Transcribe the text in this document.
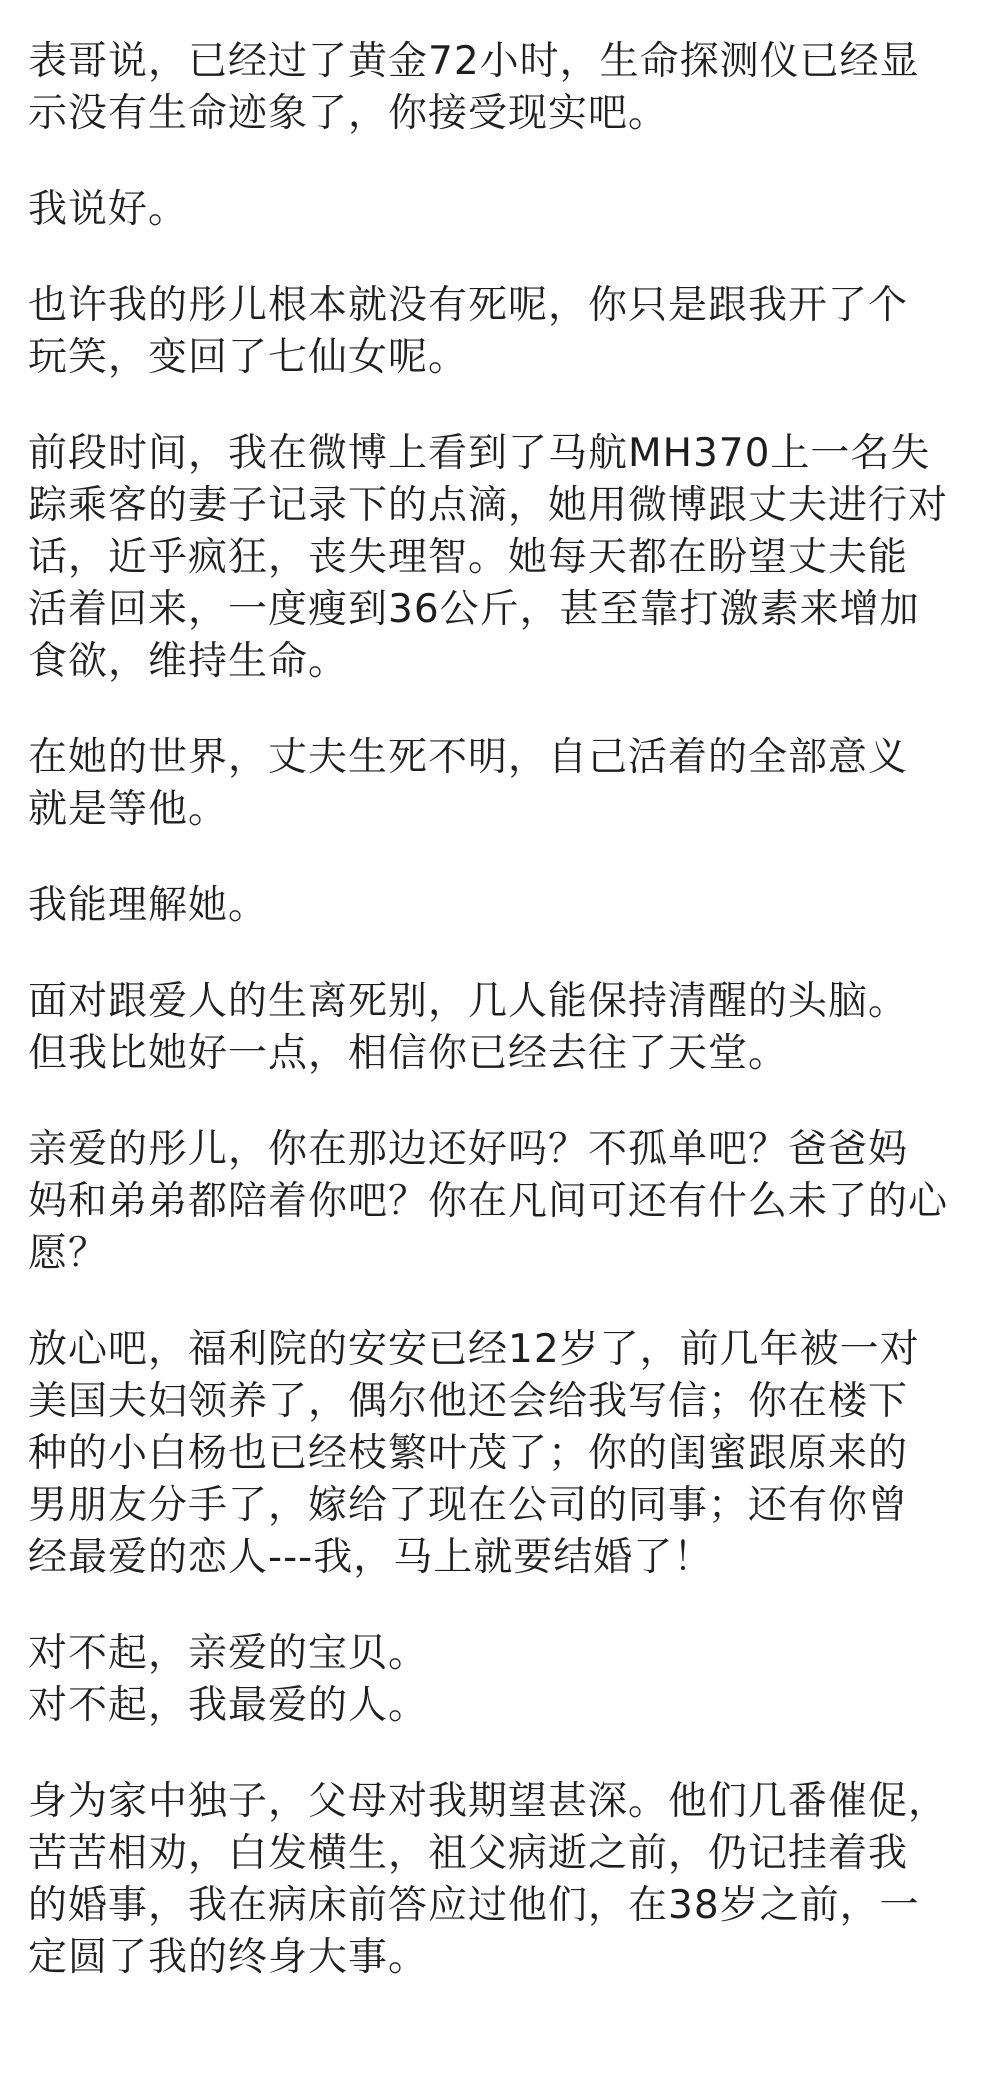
表哥说，已经过了黄金72小时，生命探测仪已经显
示没有生命迹象了，你接受现实吧。

我说好。

也许我的彤儿根本就没有死呢，你只是跟我开了个
玩笑，变回了七仙女呢。

前段时间，我在微博上看到了马航MH370上一名失
踪乘客的妻子记录下的点滴，她用微博跟丈夫进行对
话，近乎疯狂，丧失理智。她每天都在盼望丈夫能
活着回来，一度瘦到36公斤，甚至靠打激素来增加
食欲，维持生命。

在她的世界，丈夫生死不明，自己活着的全部意义
就是等他。

我能理解她。

面对跟爱人的生离死别，几人能保持清醒的头脑。
但我比她好一点，相信你已经去往了天堂。

亲爱的彤儿，你在那边还好吗？不孤单吧？爸爸妈
妈和弟弟都陪着你吧？你在凡间可还有什么未了的心
愿？

放心吧，福利院的安安已经12岁了，前几年被一对
美国夫妇领养了，偶尔他还会给我写信；你在楼下
种的小白杨也已经枝繁叶茂了；你的闺蜜跟原来的
男朋友分手了，嫁给了现在公司的同事；还有你曾
经最爱的恋人---我，马上就要结婚了！

对不起，亲爱的宝贝。
对不起，我最爱的人。

身为家中独子，父母对我期望甚深。他们几番催促，
苦苦相劝，白发横生，祖父病逝之前，仍记挂着我
的婚事，我在病床前答应过他们，在38岁之前，一
定圆了我的终身大事。
